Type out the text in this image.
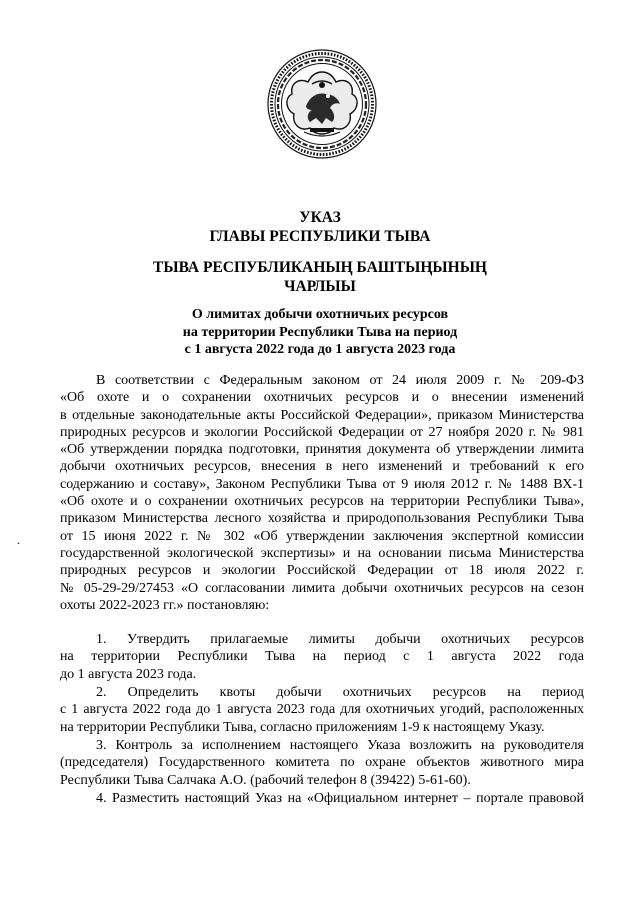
.
УКАЗ
ГЛАВЫ РЕСПУБЛИКИ ТЫВА
ТЫВА РЕСПУБЛИКАНЫҢ БАШТЫҢЫНЫҢ
ЧАРЛЫЫ
О лимитах добычи охотничьих ресурсов
на территории Республики Тыва на период
с 1 августа 2022 года до 1 августа 2023 года
В соответствии с Федеральным законом от 24 июля 2009 г. № 209-ФЗ
«Об охоте и о сохранении охотничьих ресурсов и о внесении изменений
в отдельные законодательные акты Российской Федерации», приказом Министерства
природных ресурсов и экологии Российской Федерации от 27 ноября 2020 г. № 981
«Об утверждении порядка подготовки, принятия документа об утверждении лимита
добычи охотничьих ресурсов, внесения в него изменений и требований к его
содержанию и составу», Законом Республики Тыва от 9 июля 2012 г. № 1488 ВХ-1
«Об охоте и о сохранении охотничьих ресурсов на территории Республики Тыва»,
приказом Министерства лесного хозяйства и природопользования Республики Тыва
от 15 июня 2022 г. № 302 «Об утверждении заключения экспертной комиссии
государственной экологической экспертизы» и на основании письма Министерства
природных ресурсов и экологии Российской Федерации от 18 июля 2022 г.
№ 05-29-29/27453 «О согласовании лимита добычи охотничьих ресурсов на сезон
охоты 2022-2023 гг.» постановляю:
1. Утвердить прилагаемые лимиты добычи охотничьих ресурсов
на территории Республики Тыва на период с 1 августа 2022 года
до 1 августа 2023 года.
2. Определить квоты добычи охотничьих ресурсов на период
с 1 августа 2022 года до 1 августа 2023 года для охотничьих угодий, расположенных
на территории Республики Тыва, согласно приложениям 1-9 к настоящему Указу.
3. Контроль за исполнением настоящего Указа возложить на руководителя
(председателя) Государственного комитета по охране объектов животного мира
Республики Тыва Салчака А.О. (рабочий телефон 8 (39422) 5-61-60).
4. Разместить настоящий Указ на «Официальном интернет – портале правовой
